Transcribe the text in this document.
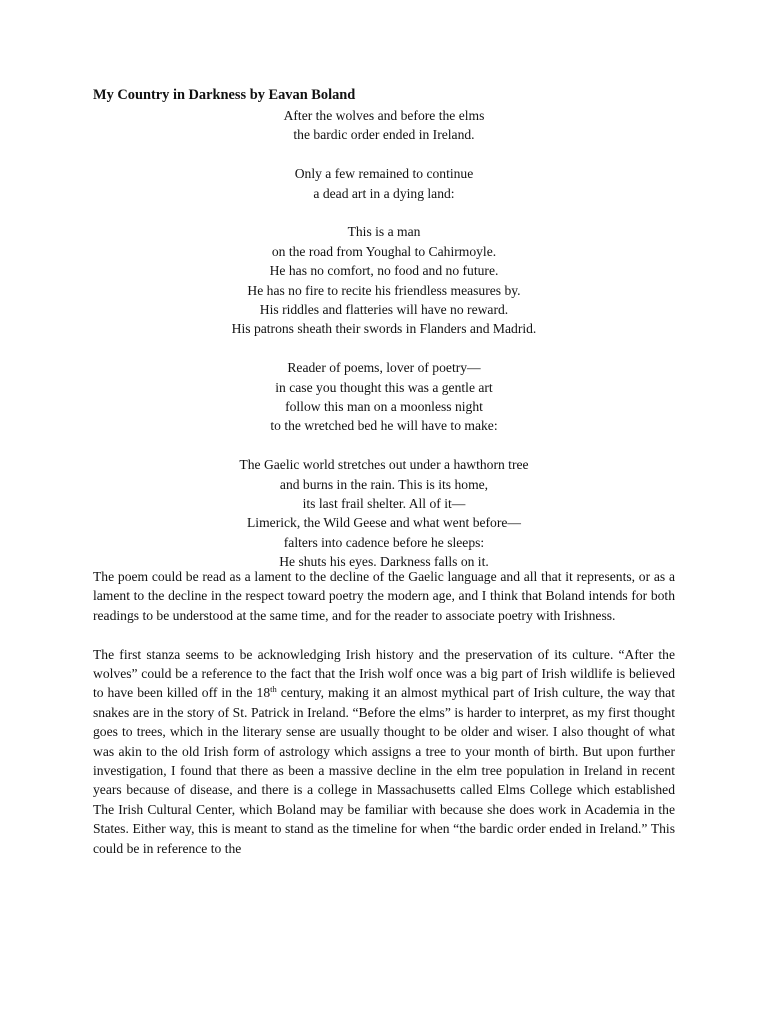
My Country in Darkness by Eavan Boland
After the wolves and before the elms
the bardic order ended in Ireland.
Only a few remained to continue
a dead art in a dying land:
This is a man
on the road from Youghal to Cahirmoyle.
He has no comfort, no food and no future.
He has no fire to recite his friendless measures by.
His riddles and flatteries will have no reward.
His patrons sheath their swords in Flanders and Madrid.
Reader of poems, lover of poetry—
in case you thought this was a gentle art
follow this man on a moonless night
to the wretched bed he will have to make:
The Gaelic world stretches out under a hawthorn tree
and burns in the rain. This is its home,
its last frail shelter. All of it—
Limerick, the Wild Geese and what went before—
falters into cadence before he sleeps:
He shuts his eyes. Darkness falls on it.

The poem could be read as a lament to the decline of the Gaelic language and all that it represents, or as a lament to the decline in the respect toward poetry the modern age, and I think that Boland intends for both readings to be understood at the same time, and for the reader to associate poetry with Irishness.

The first stanza seems to be acknowledging Irish history and the preservation of its culture. “After the wolves” could be a reference to the fact that the Irish wolf once was a big part of Irish wildlife is believed to have been killed off in the 18th century, making it an almost mythical part of Irish culture, the way that snakes are in the story of St. Patrick in Ireland. “Before the elms” is harder to interpret, as my first thought goes to trees, which in the literary sense are usually thought to be older and wiser. I also thought of what was akin to the old Irish form of astrology which assigns a tree to your month of birth. But upon further investigation, I found that there as been a massive decline in the elm tree population in Ireland in recent years because of disease, and there is a college in Massachusetts called Elms College which established The Irish Cultural Center, which Boland may be familiar with because she does work in Academia in the States. Either way, this is meant to stand as the timeline for when “the bardic order ended in Ireland.” This could be in reference to the
